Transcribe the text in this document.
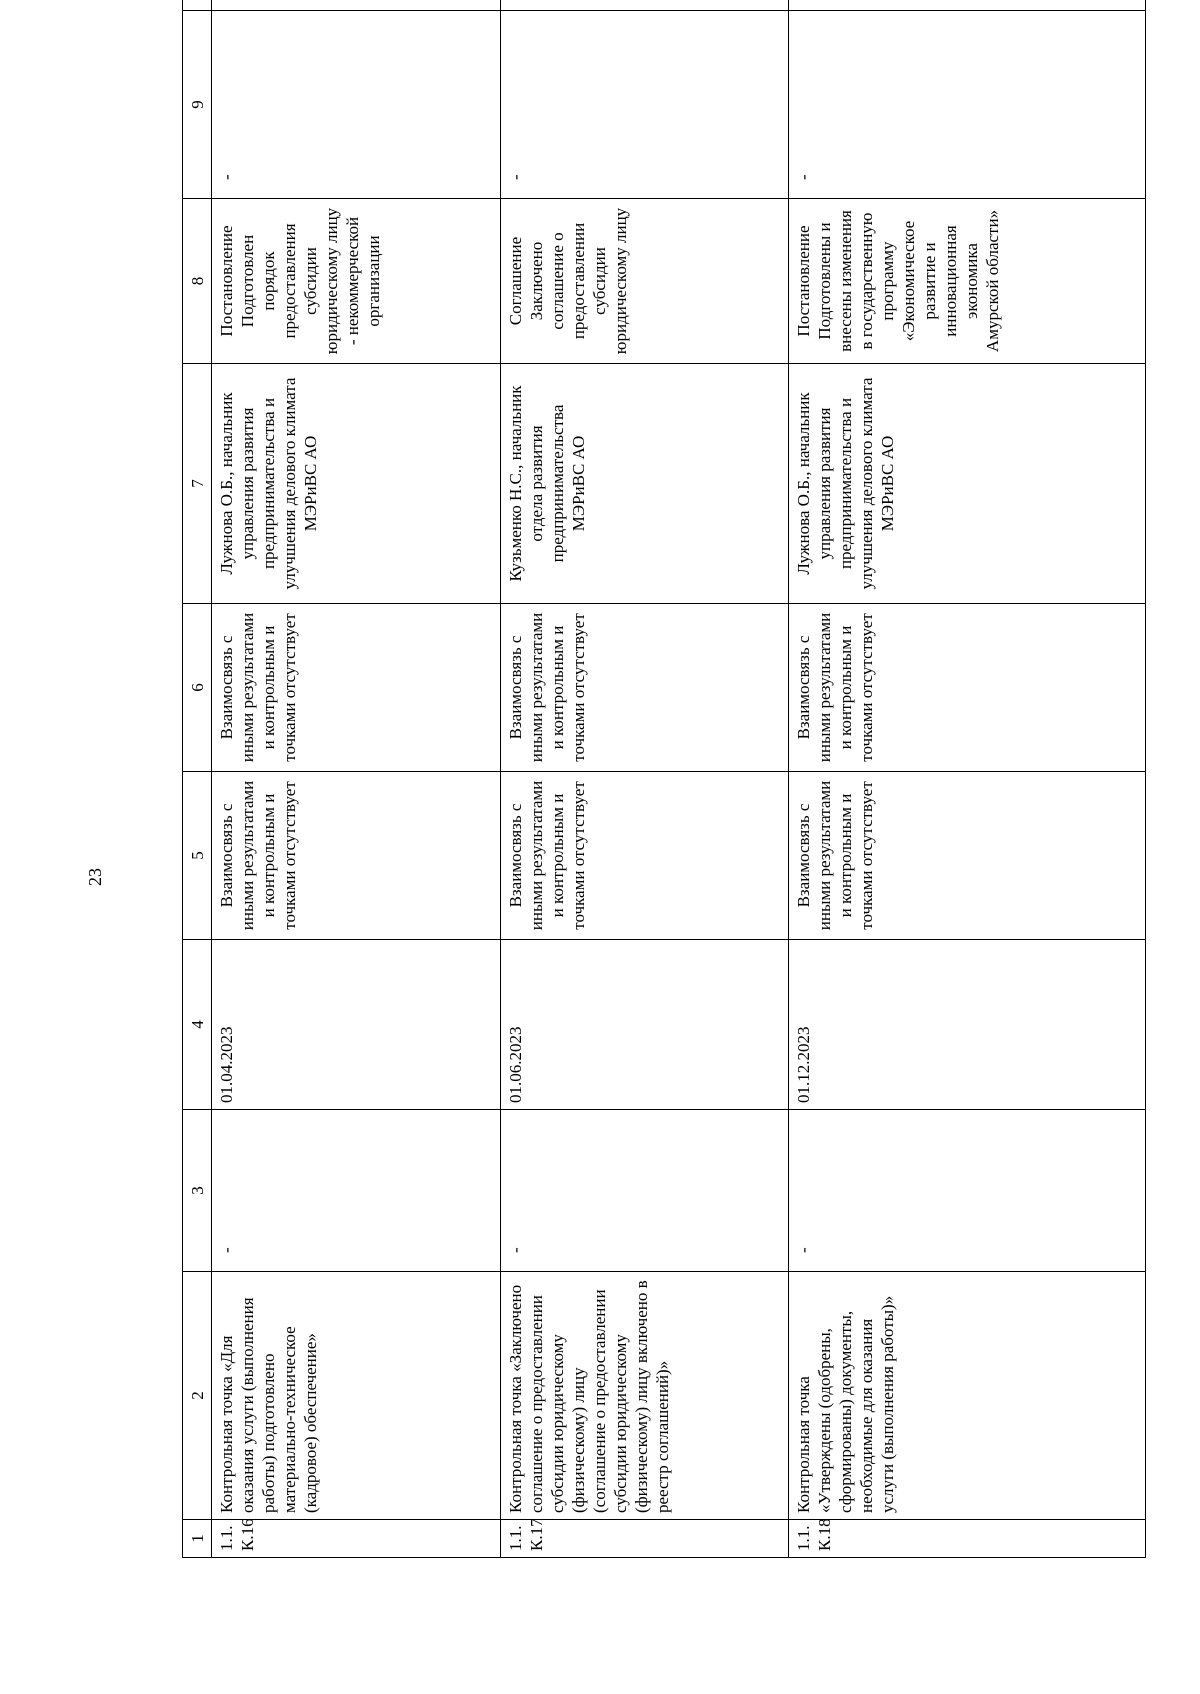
23
1	2	3	4	5	6	7	8	9	
1.1. К.16	Контрольная точка «Для оказания услуги (выполнения работы) подготовлено материально-техническое (кадровое) обеспечение»	-	01.04.2023	Взаимосвязь с иными результатами и контрольным и точками отсутствует	Взаимосвязь с иными результатами и контрольным и точками отсутствует	Лужнова О.Б., начальник управления развития предпринимательства и улучшения делового климата МЭРиВС АО	Постановление Подготовлен порядок предоставления субсидии юридическому лицу - некоммерческой организации	-	
1.1. К.17	Контрольная точка «Заключено соглашение о предоставлении субсидии юридическому (физическому) лицу (соглашение о предоставлении субсидии юридическому (физическому) лицу включено в реестр соглашений)»	-	01.06.2023	Взаимосвязь с иными результатами и контрольным и точками отсутствует	Взаимосвязь с иными результатами и контрольным и точками отсутствует	Кузьменко Н.С., начальник отдела развития предпринимательства МЭРиВС АО	Соглашение Заключено соглашение о предоставлении субсидии юридическому лицу	-	
1.1. К.18	Контрольная точка «Утверждены (одобрены, сформированы) документы, необходимые для оказания услуги (выполнения работы)»	-	01.12.2023	Взаимосвязь с иными результатами и контрольным и точками отсутствует	Взаимосвязь с иными результатами и контрольным и точками отсутствует	Лужнова О.Б., начальник управления развития предпринимательства и улучшения делового климата МЭРиВС АО	Постановление Подготовлены и внесены изменения в государственную программу «Экономическое развитие и инновационная экономика Амурской области»	-	
